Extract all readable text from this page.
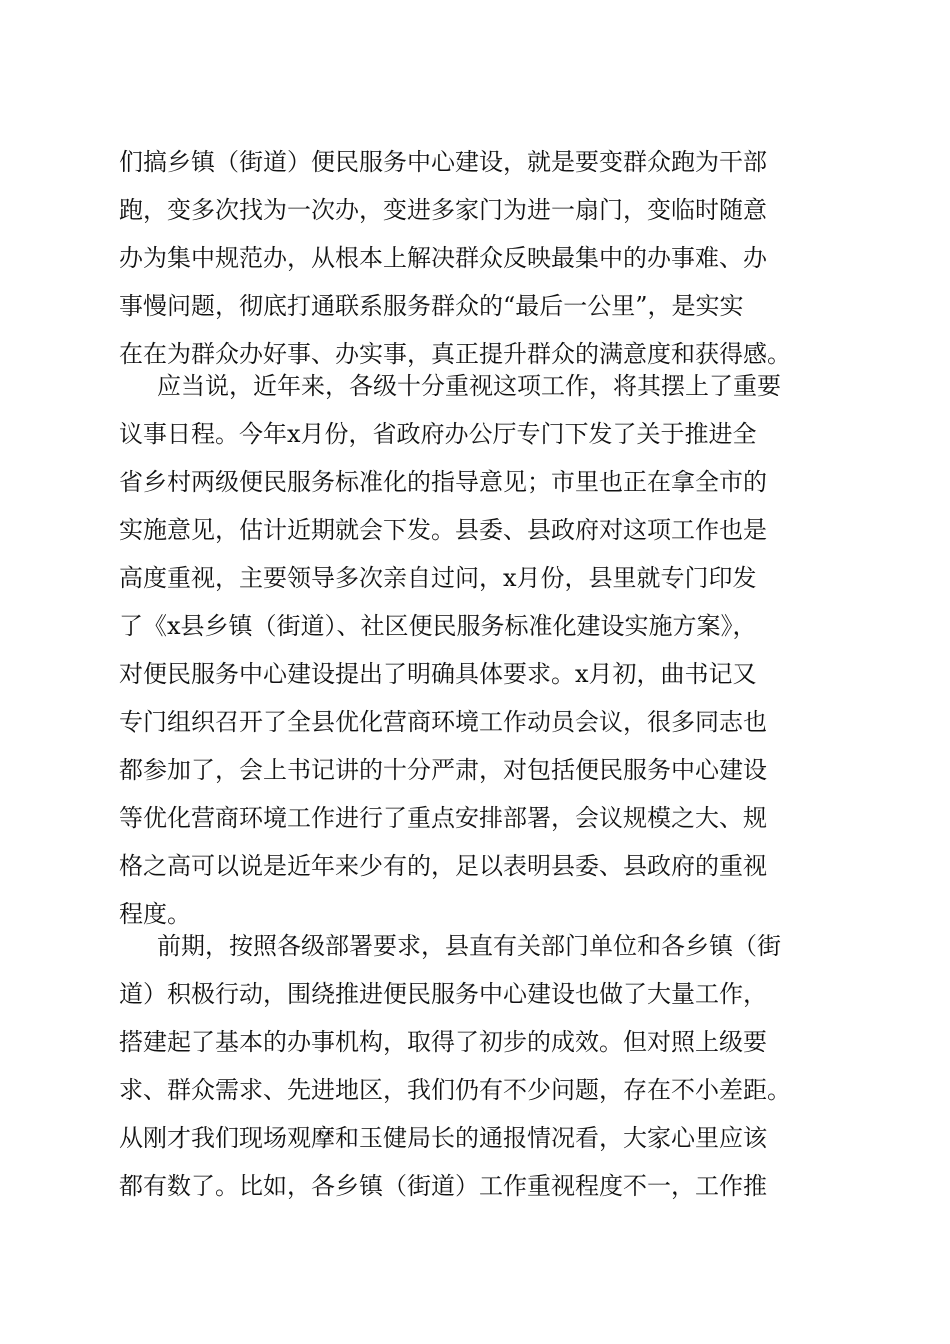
们搞乡镇（街道）便民服务中心建设，就是要变群众跑为干部
跑，变多次找为一次办，变进多家门为进一扇门，变临时随意
办为集中规范办，从根本上解决群众反映最集中的办事难、办
事慢问题，彻底打通联系服务群众的“最后一公里”，是实实
在在为群众办好事、办实事，真正提升群众的满意度和获得感。
应当说，近年来，各级十分重视这项工作，将其摆上了重要
议事日程。今年x月份，省政府办公厅专门下发了关于推进全
省乡村两级便民服务标准化的指导意见；市里也正在拿全市的
实施意见，估计近期就会下发。县委、县政府对这项工作也是
高度重视，主要领导多次亲自过问，x月份，县里就专门印发
了《x县乡镇（街道）、社区便民服务标准化建设实施方案》，
对便民服务中心建设提出了明确具体要求。x月初，曲书记又
专门组织召开了全县优化营商环境工作动员会议，很多同志也
都参加了，会上书记讲的十分严肃，对包括便民服务中心建设
等优化营商环境工作进行了重点安排部署，会议规模之大、规
格之高可以说是近年来少有的，足以表明县委、县政府的重视
程度。
前期，按照各级部署要求，县直有关部门单位和各乡镇（街
道）积极行动，围绕推进便民服务中心建设也做了大量工作，
搭建起了基本的办事机构，取得了初步的成效。但对照上级要
求、群众需求、先进地区，我们仍有不少问题，存在不小差距。
从刚才我们现场观摩和玉健局长的通报情况看，大家心里应该
都有数了。比如，各乡镇（街道）工作重视程度不一，工作推
